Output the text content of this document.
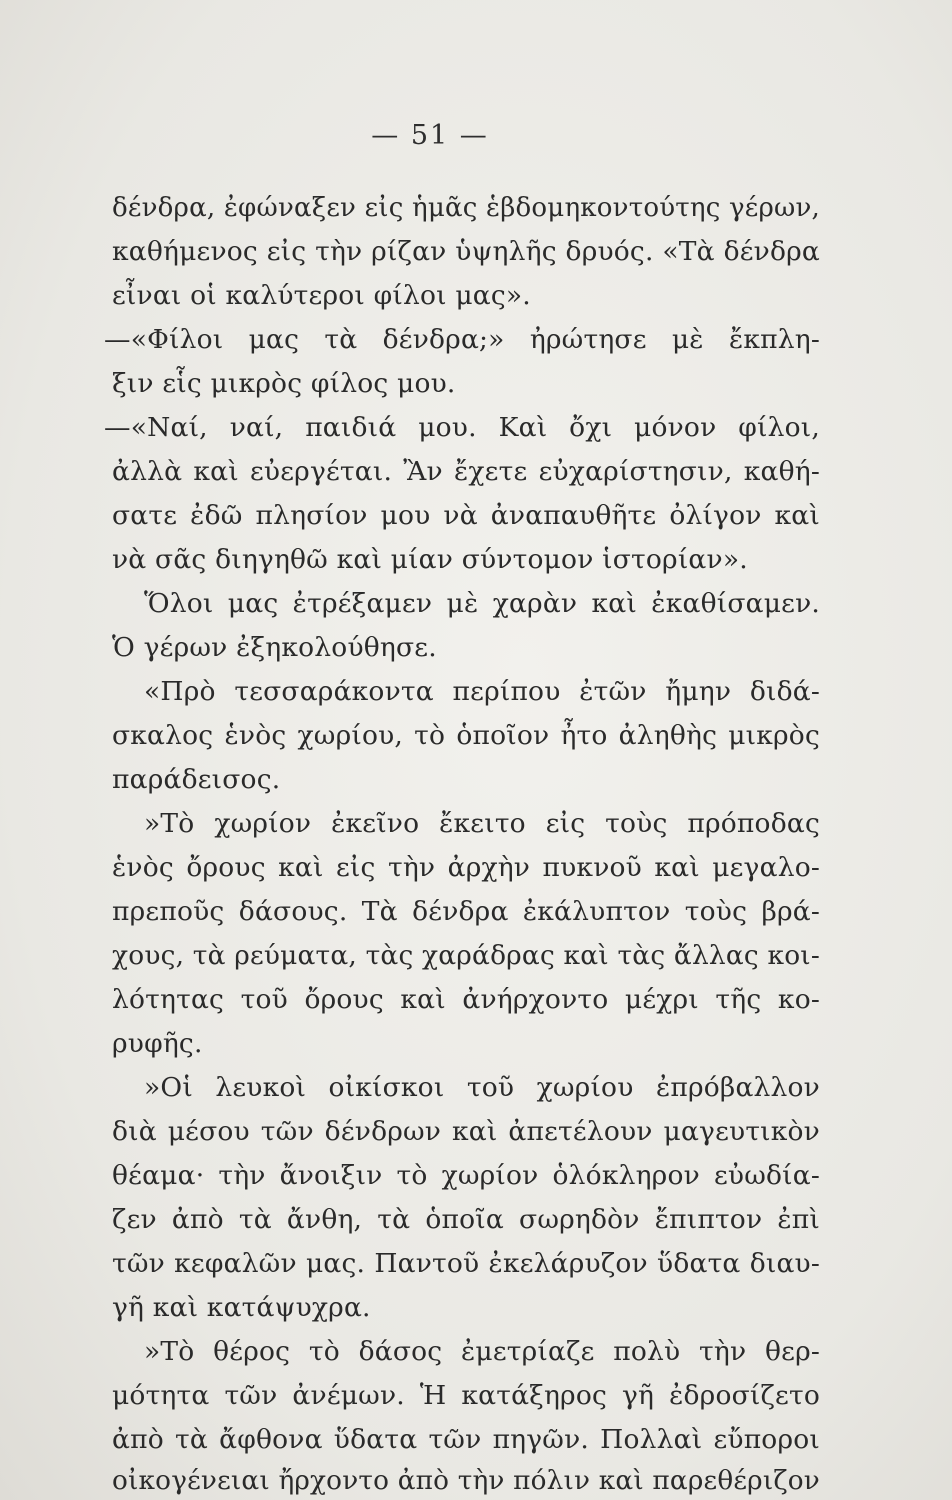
— 51 —
δένδρα, ἐφώναξεν εἰς ἡμᾶς ἑβδομηκοντούτης γέρων,
καθήμενος εἰς τὴν ρίζαν ὑψηλῆς δρυός. «Τὰ δένδρα
εἶναι οἱ καλύτεροι φίλοι μας».
—«Φίλοι μας τὰ δένδρα;» ἠρώτησε μὲ ἔκπλη-
ξιν εἷς μικρὸς φίλος μου.
—«Ναί, ναί, παιδιά μου. Καὶ ὄχι μόνον φίλοι,
ἀλλὰ καὶ εὐεργέται. Ἂν ἔχετε εὐχαρίστησιν, καθή-
σατε ἐδῶ πλησίον μου νὰ ἀναπαυθῆτε ὀλίγον καὶ
νὰ σᾶς διηγηθῶ καὶ μίαν σύντομον ἱστορίαν».
Ὅλοι μας ἐτρέξαμεν μὲ χαρὰν καὶ ἐκαθίσαμεν.
Ὁ γέρων ἐξηκολούθησε.
«Πρὸ τεσσαράκοντα περίπου ἐτῶν ἤμην διδά-
σκαλος ἑνὸς χωρίου, τὸ ὁποῖον ἦτο ἀληθὴς μικρὸς
παράδεισος.
»Τὸ χωρίον ἐκεῖνο ἔκειτο εἰς τοὺς πρόποδας
ἑνὸς ὄρους καὶ εἰς τὴν ἀρχὴν πυκνοῦ καὶ μεγαλο-
πρεποῦς δάσους. Τὰ δένδρα ἐκάλυπτον τοὺς βρά-
χους, τὰ ρεύματα, τὰς χαράδρας καὶ τὰς ἄλλας κοι-
λότητας τοῦ ὄρους καὶ ἀνήρχοντο μέχρι τῆς κο-
ρυφῆς.
»Οἱ λευκοὶ οἰκίσκοι τοῦ χωρίου ἐπρόβαλλον
διὰ μέσου τῶν δένδρων καὶ ἀπετέλουν μαγευτικὸν
θέαμα· τὴν ἄνοιξιν τὸ χωρίον ὁλόκληρον εὐωδία-
ζεν ἀπὸ τὰ ἄνθη, τὰ ὁποῖα σωρηδὸν ἔπιπτον ἐπὶ
τῶν κεφαλῶν μας. Παντοῦ ἐκελάρυζον ὕδατα διαυ-
γῆ καὶ κατάψυχρα.
»Τὸ θέρος τὸ δάσος ἐμετρίαζε πολὺ τὴν θερ-
μότητα τῶν ἀνέμων. Ἡ κατάξηρος γῆ ἐδροσίζετο
ἀπὸ τὰ ἄφθονα ὕδατα τῶν πηγῶν. Πολλαὶ εὔποροι
οἰκογένειαι ἤρχοντο ἀπὸ τὴν πόλιν καὶ παρεθέριζον
